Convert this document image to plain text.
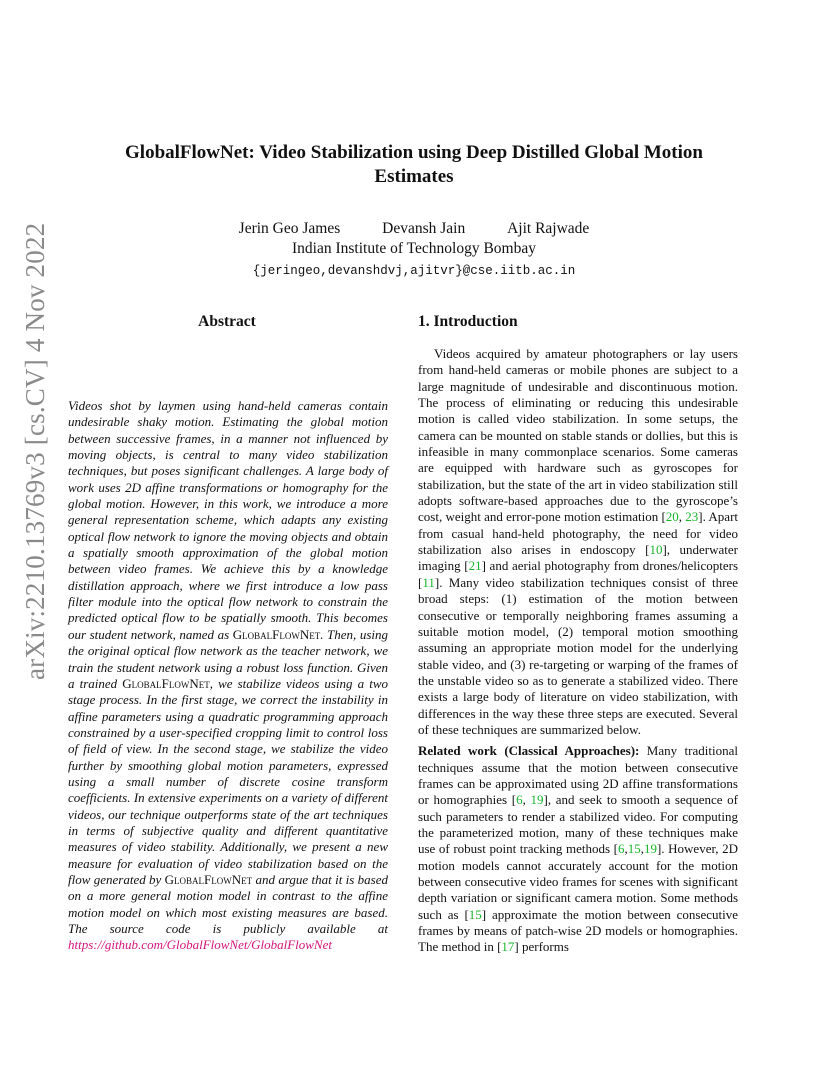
arXiv:2210.13769v3 [cs.CV] 4 Nov 2022
GlobalFlowNet: Video Stabilization using Deep Distilled Global Motion
Estimates
Jerin Geo James	Devansh Jain	Ajit Rajwade
Indian Institute of Technology Bombay
{jeringeo,devanshdvj,ajitvr}@cse.iitb.ac.in
Abstract	1. Introduction

Videos shot by laymen using hand-held cameras contain undesirable shaky motion. Estimating the global motion between successive frames, in a manner not influenced by moving objects, is central to many video stabilization techniques, but poses significant challenges. A large body of work uses 2D affine transformations or homography for the global motion. However, in this work, we introduce a more general representation scheme, which adapts any existing optical flow network to ignore the moving objects and obtain a spatially smooth approximation of the global motion between video frames. We achieve this by a knowledge distillation approach, where we first introduce a low pass filter module into the optical flow network to constrain the predicted optical flow to be spatially smooth. This becomes our student network, named as GlobalFlowNet. Then, using the original optical flow network as the teacher network, we train the student network using a robust loss function. Given a trained GlobalFlowNet, we stabilize videos using a two stage process. In the first stage, we correct the instability in affine parameters using a quadratic programming approach constrained by a user-specified cropping limit to control loss of field of view. In the second stage, we stabilize the video further by smoothing global motion parameters, expressed using a small number of discrete cosine transform coefficients. In extensive experiments on a variety of different videos, our technique outperforms state of the art techniques in terms of subjective quality and different quantitative measures of video stability. Additionally, we present a new measure for evaluation of video stabilization based on the flow generated by GlobalFlowNet and argue that it is based on a more general motion model in contrast to the affine motion model on which most existing measures are based. The source code is publicly available at https://github.com/GlobalFlowNet/GlobalFlowNet

Videos acquired by amateur photographers or lay users from hand-held cameras or mobile phones are subject to a large magnitude of undesirable and discontinuous motion. The process of eliminating or reducing this undesirable motion is called video stabilization. In some setups, the camera can be mounted on stable stands or dollies, but this is infeasible in many commonplace scenarios. Some cameras are equipped with hardware such as gyroscopes for stabilization, but the state of the art in video stabilization still adopts software-based approaches due to the gyroscope’s cost, weight and error-pone motion estimation [20, 23]. Apart from casual hand-held photography, the need for video stabilization also arises in endoscopy [10], underwater imaging [21] and aerial photography from drones/helicopters [11]. Many video stabilization techniques consist of three broad steps: (1) estimation of the motion between consecutive or temporally neighboring frames assuming a suitable motion model, (2) temporal motion smoothing assuming an appropriate motion model for the underlying stable video, and (3) re-targeting or warping of the frames of the unstable video so as to generate a stabilized video. There exists a large body of literature on video stabilization, with differences in the way these three steps are executed. Several of these techniques are summarized below.

Related work (Classical Approaches): Many traditional techniques assume that the motion between consecutive frames can be approximated using 2D affine transformations or homographies [6, 19], and seek to smooth a sequence of such parameters to render a stabilized video. For computing the parameterized motion, many of these techniques make use of robust point tracking methods [6,15,19]. However, 2D motion models cannot accurately account for the motion between consecutive video frames for scenes with significant depth variation or significant camera motion. Some methods such as [15] approximate the motion between consecutive frames by means of patch-wise 2D models or homographies. The method in [17] performs
